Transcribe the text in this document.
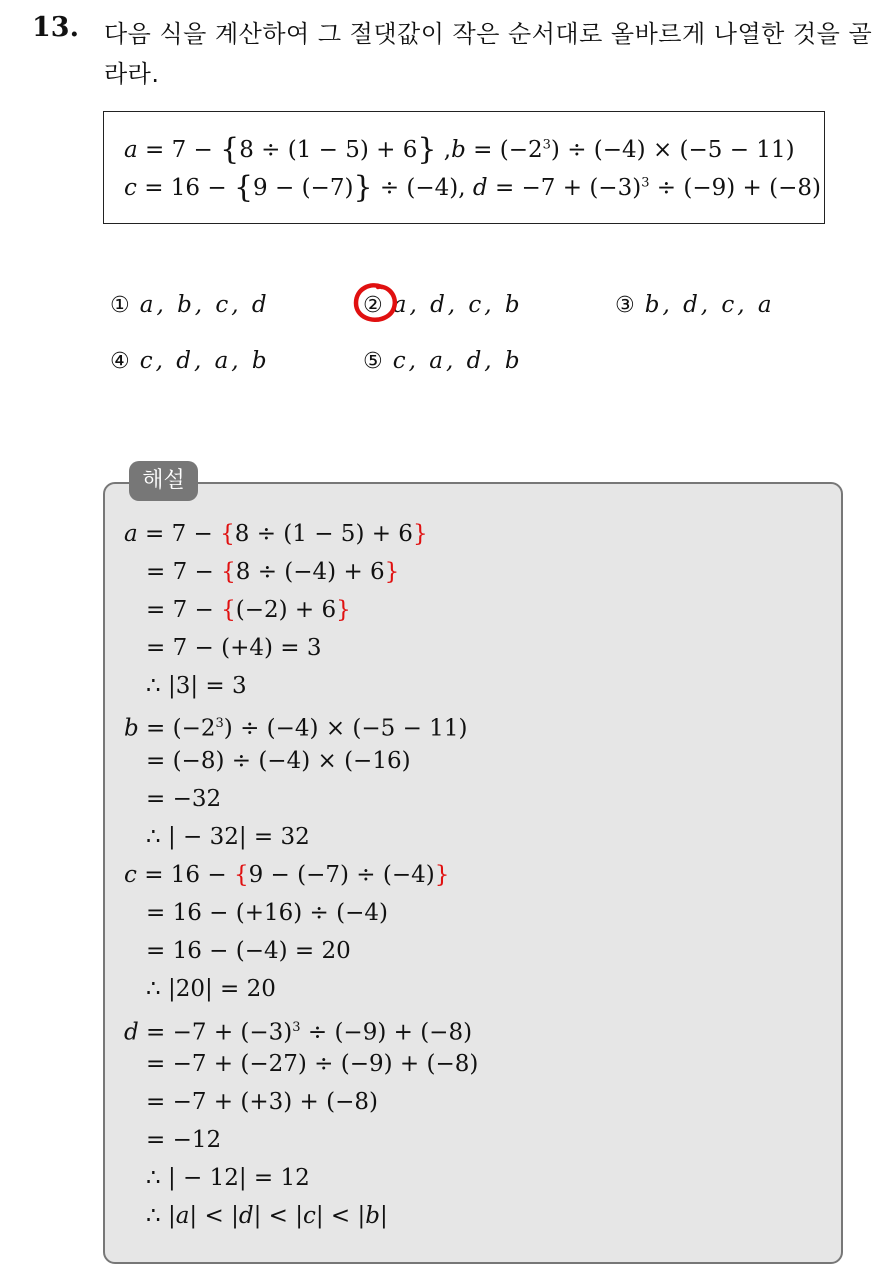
13. 다음 식을 계산하여 그 절댓값이 작은 순서대로 올바르게 나열한 것을 골라라.
a = 7 − {8 ÷ (1 − 5) + 6} $,b = (-2^3) \div (-4) \times (-5 - 11)$
c = 16 − {9 − (−7)} ÷ (−4), $d = -7 + (-3)^3 \div (-9) + (-8)$
① a, b, c, d	② a, d, c, b	③ b, d, c, a
④ c, d, a, b	⑤ c, a, d, b
해설
a = 7 − {8 ÷ (1 − 5) + 6}
= 7 − {8 ÷ (−4) + 6}
= 7 − {(−2) + 6}
= 7 − (+4) = 3
∴ |3| = 3
$b = (-2^3) \div (-4) \times (-5 - 11)$
= (−8) ÷ (−4) × (−16)
= −32
∴ | − 32| = 32
c = 16 − {9 − (−7) ÷ (−4)}
= 16 − (+16) ÷ (−4)
= 16 − (−4) = 20
∴ |20| = 20
$d = -7 + (-3)^3 \div (-9) + (-8)$
= −7 + (−27) ÷ (−9) + (−8)
= −7 + (+3) + (−8)
= −12
∴ | − 12| = 12
∴ |a| < |d| < |c| < |b|
